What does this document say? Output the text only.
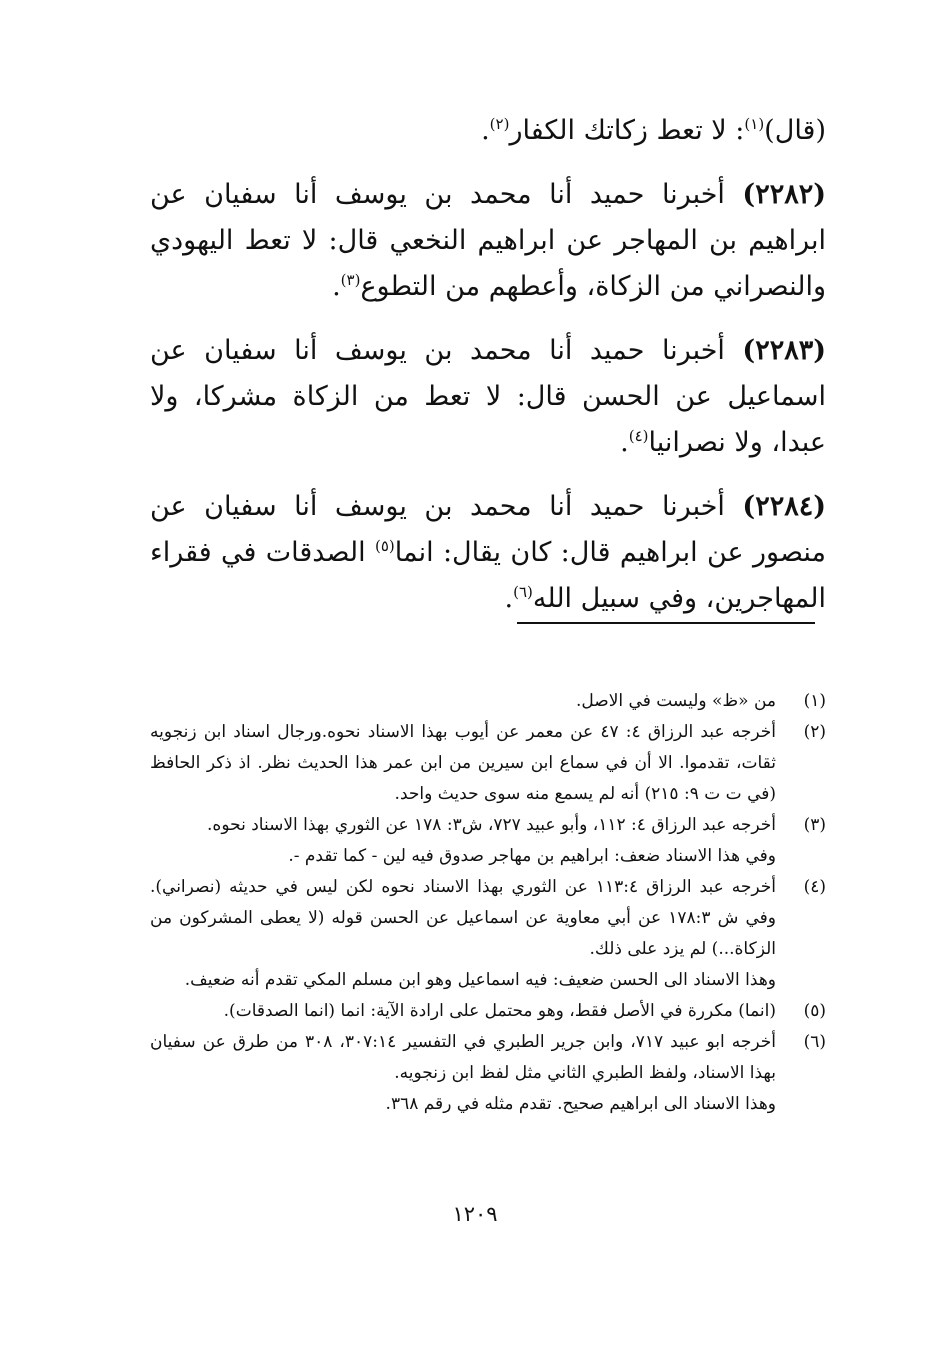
(قال)$^{(١)}$: لا تعط زكاتك الكفار$^{(٢)}$.

(٢٢٨٢) أخبرنا حميد أنا محمد بن يوسف أنا سفيان عن ابراهيم بن المهاجر عن ابراهيم النخعي قال: لا تعط اليهودي والنصراني من الزكاة، وأعطهم من التطوع$^{(٣)}$.

(٢٢٨٣) أخبرنا حميد أنا محمد بن يوسف أنا سفيان عن اسماعيل عن الحسن قال: لا تعط من الزكاة مشركا، ولا عبدا، ولا نصرانيا$^{(٤)}$.

(٢٢٨٤) أخبرنا حميد أنا محمد بن يوسف أنا سفيان عن منصور عن ابراهيم قال: كان يقال: انما$^{(٥)}$ الصدقات في فقراء المهاجرين، وفي سبيل الله$^{(٦)}$.

(١)
من «ظ» وليست في الاصل.
(٢)
أخرجه عبد الرزاق ٤: ٤٧ عن معمر عن أيوب بهذا الاسناد نحوه.ورجال اسناد ابن زنجويه ثقات، تقدموا. الا أن في سماع ابن سيرين من ابن عمر هذا الحديث نظر. اذ ذكر الحافظ (في ت ت ٩: ٢١٥) أنه لم يسمع منه سوى حديث واحد.
(٣)
أخرجه عبد الرزاق ٤: ١١٢، وأبو عبيد ٧٢٧، ش٣: ١٧٨ عن الثوري بهذا الاسناد نحوه.
وفي هذا الاسناد ضعف: ابراهيم بن مهاجر صدوق فيه لين - كما تقدم -.
(٤)
أخرجه عبد الرزاق ١١٣:٤ عن الثوري بهذا الاسناد نحوه لكن ليس في حديثه (نصراني). وفي ش ١٧٨:٣ عن أبي معاوية عن اسماعيل عن الحسن قوله (لا يعطى المشركون من الزكاة...) لم يزد على ذلك.
وهذا الاسناد الى الحسن ضعيف: فيه اسماعيل وهو ابن مسلم المكي تقدم أنه ضعيف.
(٥)
(انما) مكررة في الأصل فقط، وهو محتمل على ارادة الآية: انما (انما الصدقات).
(٦)
أخرجه ابو عبيد ٧١٧، وابن جرير الطبري في التفسير ٣٠٧:١٤، ٣٠٨ من طرق عن سفيان بهذا الاسناد، ولفظ الطبري الثاني مثل لفظ ابن زنجويه.
وهذا الاسناد الى ابراهيم صحيح. تقدم مثله في رقم ٣٦٨.
١٢٠٩
